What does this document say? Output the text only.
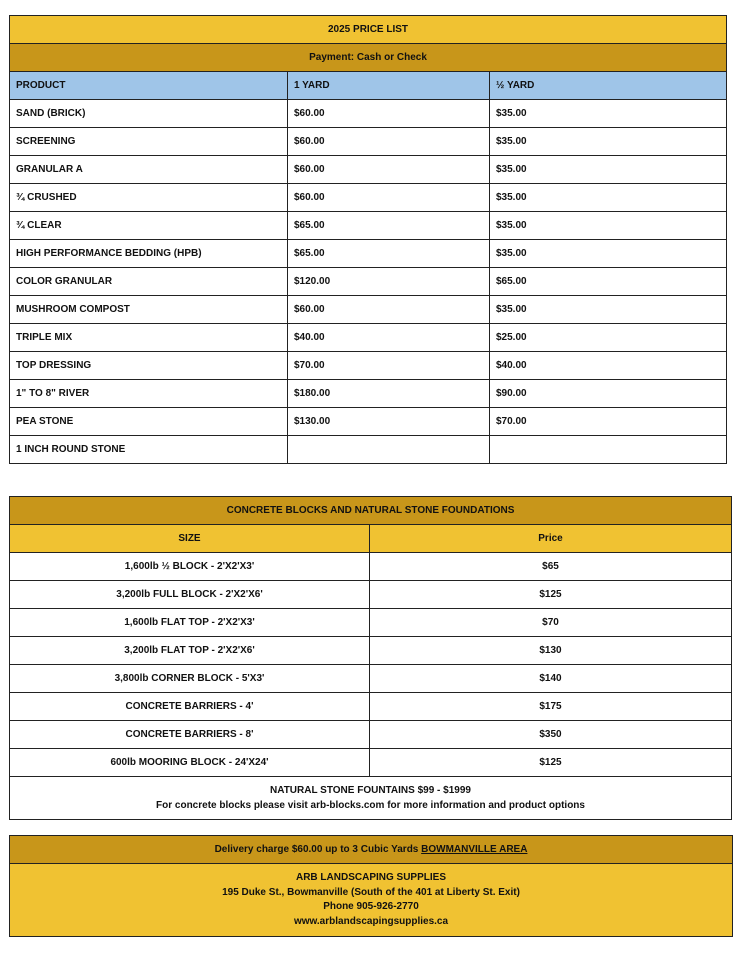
2025 PRICE LIST		
Payment: Cash or Check		
PRODUCT	1 YARD	½ YARD
SAND (BRICK)	$60.00	$35.00
SCREENING	$60.00	$35.00
GRANULAR A	$60.00	$35.00
¾ CRUSHED	$60.00	$35.00
¾ CLEAR	$65.00	$35.00
HIGH PERFORMANCE BEDDING (HPB)	$65.00	$35.00
COLOR GRANULAR	$120.00	$65.00
MUSHROOM COMPOST	$60.00	$35.00
TRIPLE MIX	$40.00	$25.00
TOP DRESSING	$70.00	$40.00
1" TO 8" RIVER	$180.00	$90.00
PEA STONE	$130.00	$70.00
1 INCH ROUND STONE		
CONCRETE BLOCKS AND NATURAL STONE FOUNDATIONS	
SIZE	Price
1,600lb ½ BLOCK - 2'X2'X3'	$65
3,200lb FULL BLOCK - 2'X2'X6'	$125
1,600lb FLAT TOP - 2'X2'X3'	$70
3,200lb FLAT TOP - 2'X2'X6'	$130
3,800lb CORNER BLOCK - 5'X3'	$140
CONCRETE BARRIERS - 4'	$175
CONCRETE BARRIERS - 8'	$350
600lb MOORING BLOCK - 24'X24'	$125

NATURAL STONE FOUNTAINS $99 - $1999
For concrete blocks please visit arb-blocks.com for more information and product options	
Delivery charge $60.00 up to 3 Cubic Yards BOWMANVILLE AREA

ARB LANDSCAPING SUPPLIES
195 Duke St., Bowmanville (South of the 401 at Liberty St. Exit)
Phone 905-926-2770
www.arblandscapingsupplies.ca
